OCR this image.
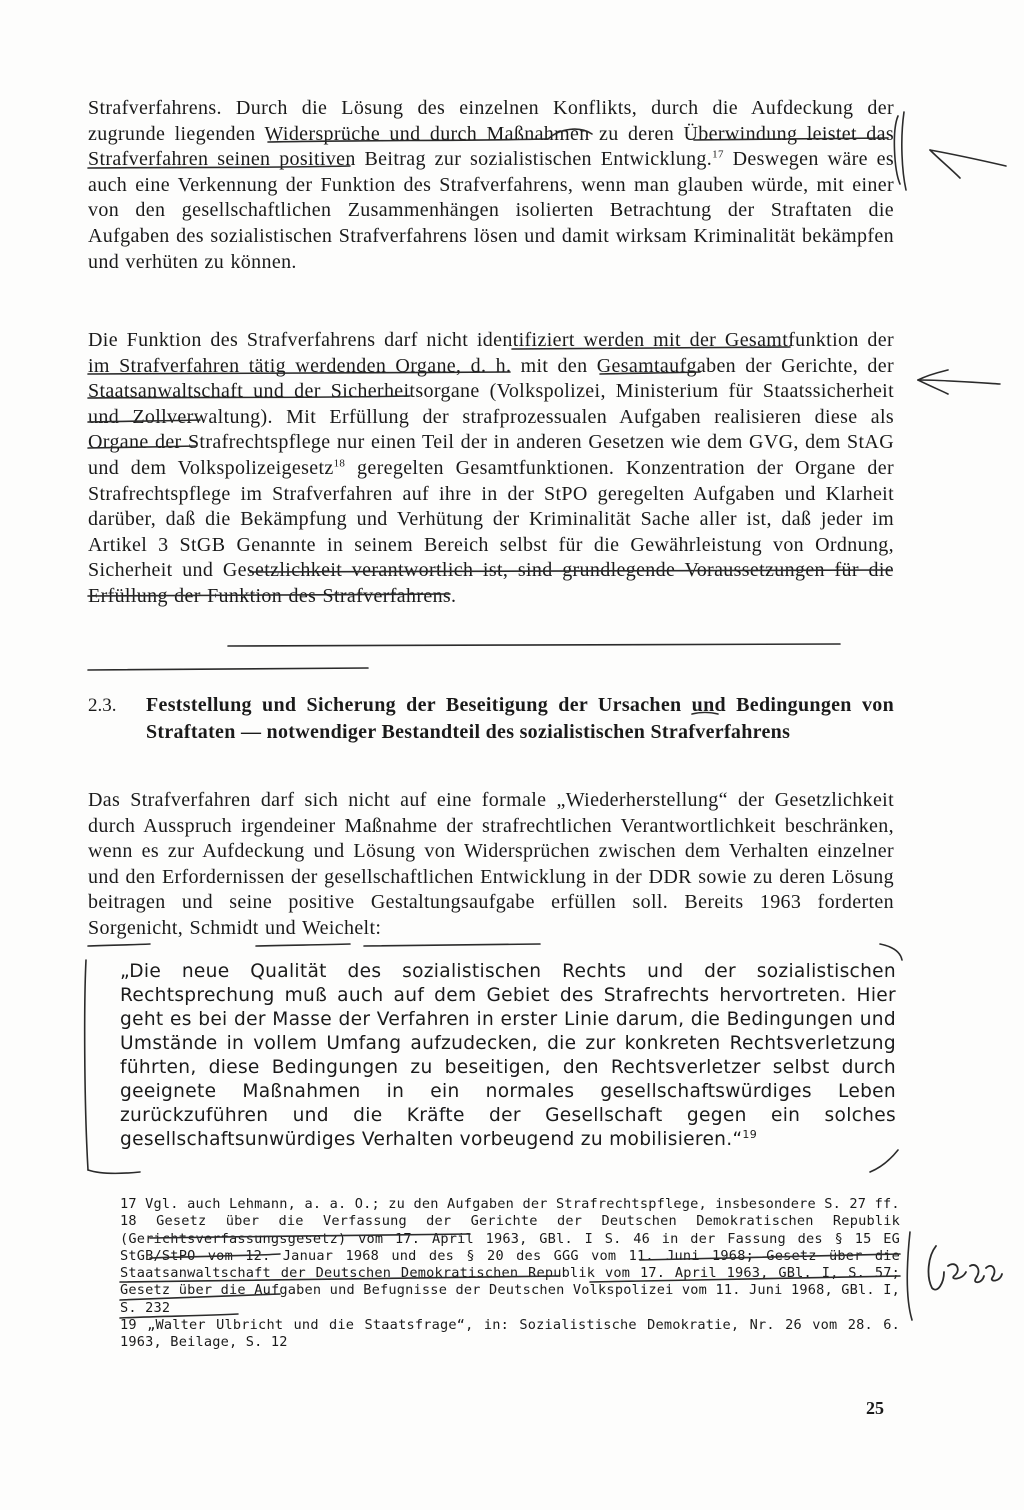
Strafverfahrens. Durch die Lösung des einzelnen Konflikts, durch die Aufdeckung der zugrunde liegenden Widersprüche und durch Maßnahmen zu deren Überwindung leistet das Strafverfahren seinen positiven Beitrag zur sozialistischen Entwicklung.$^{17}$ Deswegen wäre es auch eine Verkennung der Funktion des Strafverfahrens, wenn man glauben würde, mit einer von den gesellschaftlichen Zusammenhängen isolierten Betrachtung der Straftaten die Aufgaben des sozialistischen Strafverfahrens lösen und damit wirksam Kriminalität bekämpfen und verhüten zu können.

Die Funktion des Strafverfahrens darf nicht identifiziert werden mit der Gesamtfunktion der im Strafverfahren tätig werdenden Organe, d. h. mit den Gesamtaufgaben der Gerichte, der Staatsanwaltschaft und der Sicherheitsorgane (Volkspolizei, Ministerium für Staatssicherheit und Zollverwaltung). Mit Erfüllung der strafprozessualen Aufgaben realisieren diese als Organe der Strafrechtspflege nur einen Teil der in anderen Gesetzen wie dem GVG, dem StAG und dem Volkspolizeigesetz$^{18}$ geregelten Gesamtfunktionen. Konzentration der Organe der Strafrechtspflege im Strafverfahren auf ihre in der StPO geregelten Aufgaben und Klarheit darüber, daß die Bekämpfung und Verhütung der Kriminalität Sache aller ist, daß jeder im Artikel 3 StGB Genannte in seinem Bereich selbst für die Gewährleistung von Ordnung, Sicherheit und Gesetzlichkeit verantwortlich ist, sind grundlegende Voraussetzungen für die Erfüllung der Funktion des Strafverfahrens.

2.3. Feststellung und Sicherung der Beseitigung der Ursachen und Bedingungen von Straftaten — notwendiger Bestandteil des sozialistischen Strafverfahrens

Das Strafverfahren darf sich nicht auf eine formale „Wiederherstellung“ der Gesetzlichkeit durch Ausspruch irgendeiner Maßnahme der strafrechtlichen Verantwortlichkeit beschränken, wenn es zur Aufdeckung und Lösung von Widersprüchen zwischen dem Verhalten einzelner und den Erfordernissen der gesellschaftlichen Entwicklung in der DDR sowie zu deren Lösung beitragen und seine positive Gestaltungsaufgabe erfüllen soll. Bereits 1963 forderten Sorgenicht, Schmidt und Weichelt:

„Die neue Qualität des sozialistischen Rechts und der sozialistischen Rechtsprechung muß auch auf dem Gebiet des Strafrechts hervortreten. Hier geht es bei der Masse der Verfahren in erster Linie darum, die Bedingungen und Umstände in vollem Umfang aufzudecken, die zur konkreten Rechtsverletzung führten, diese Bedingungen zu beseitigen, den Rechtsverletzer selbst durch geeignete Maßnahmen in ein normales gesellschaftswürdiges Leben zurückzuführen und die Kräfte der Gesellschaft gegen ein solches gesellschaftsunwürdiges Verhalten vorbeugend zu mobilisieren.“$^{19}$

17 Vgl. auch Lehmann, a. a. O.; zu den Aufgaben der Strafrechtspflege, insbesondere S. 27 ff.

18 Gesetz über die Verfassung der Gerichte der Deutschen Demokratischen Republik (Gerichtsverfassungsgesetz) vom 17. April 1963, GBl. I S. 46 in der Fassung des § 15 EG StGB/StPO vom 12. Januar 1968 und des § 20 des GGG vom 11. Juni 1968; Gesetz über die Staatsanwaltschaft der Deutschen Demokratischen Republik vom 17. April 1963, GBl. I, S. 57; Gesetz über die Aufgaben und Befugnisse der Deutschen Volkspolizei vom 11. Juni 1968, GBl. I, S. 232

19 „Walter Ulbricht und die Staatsfrage“, in: Sozialistische Demokratie, Nr. 26 vom 28. 6. 1963, Beilage, S. 12

25
